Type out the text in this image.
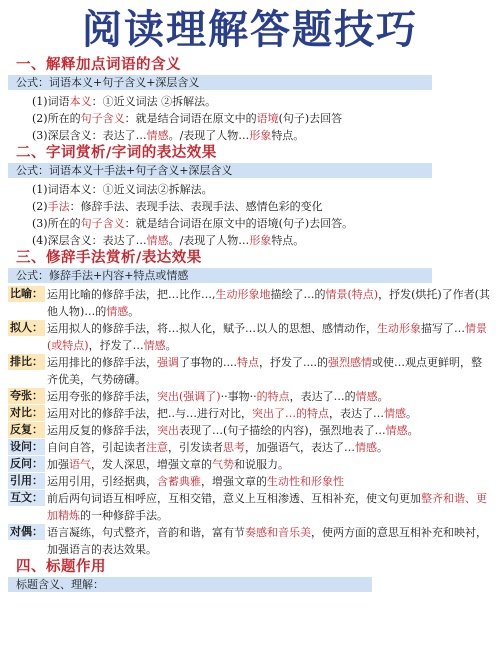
阅读理解答题技巧
一、解释加点词语的含义
公式：词语本义+句子含义+深层含义
(1)词语本义：①近义词法 ②拆解法。
(2)所在的句子含义：就是结合词语在原文中的语境(句子)去回答
(3)深层含义：表达了…情感。/表现了人物…形象特点。
二、字词赏析/字词的表达效果
公式：词语本义十手法+句子含义+深层含义
(1)词语本义：①近义词法②拆解法。
(2)手法：修辞手法、表现手法、表现手法、感情色彩的变化
(3)所在的句子含义：就是结合词语在原文中的语境(句子)去回答。
(4)深层含义：表达了…情感。/表现了人物…形象特点。
三、修辞手法赏析/表达效果
公式：修辞手法+内容+特点或情感
比喻： 运用比喻的修辞手法，把…比作…,生动形象地描绘了…的情景(特点)，抒发(烘托)了作者(其他人物)…的情感。
拟人： 运用拟人的修辞手法，将…拟人化，赋予…以人的思想、感情动作，生动形象描写了…情景(或特点)，抒发了…情感。
排比： 运用排比的修辞手法，强调了事物的....特点，抒发了....的强烈感情或使…观点更鲜明，整齐优美，气势磅礴。
夸张： 运用夸张的修辞手法，突出(强调了)··事物··的特点，表达了…的情感。
对比： 运用对比的修辞手法，把..与…进行对比，突出了…的特点，表达了…情感。
反复： 运用反复的修辞手法，突出表现了…(句子描绘的内容)，强烈地表了…情感。
设问： 自问自答，引起读者注意，引发读者思考，加强语气，表达了…情感。
反问： 加强语气，发人深思，增强文章的气势和说服力。
引用： 运用引用，引经据典，含蓄典雅，增强文章的生动性和形象性
互文： 前后两句词语互相呼应，互相交错，意义上互相渗透、互相补充，使文句更加整齐和谐、更加精炼的一种修辞手法。
对偶： 语言凝练，句式整齐，音韵和谐，富有节奏感和音乐美，使两方面的意思互相补充和映衬，加强语言的表达效果。
四、标题作用
标题含义、理解：
